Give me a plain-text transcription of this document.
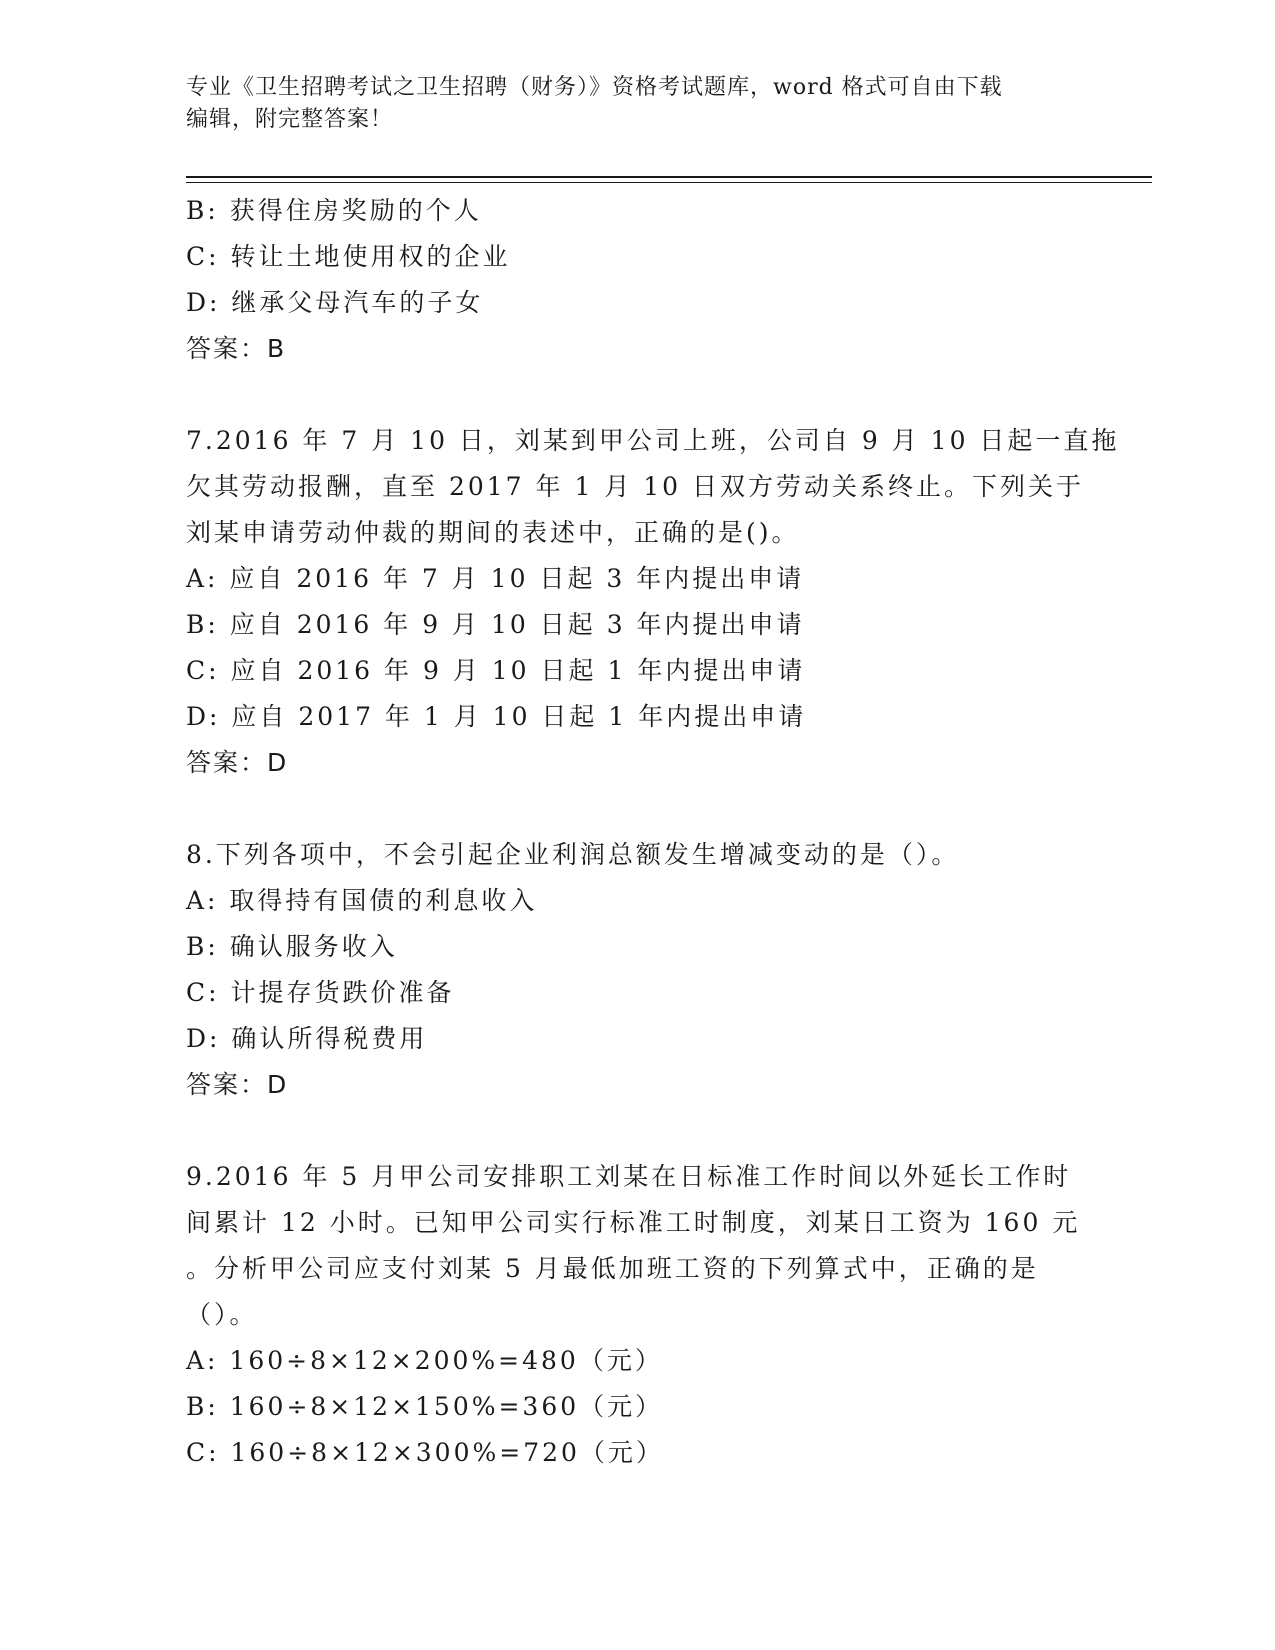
专业《卫生招聘考试之卫生招聘（财务）》资格考试题库，word 格式可自由下载
编辑，附完整答案！
B: 获得住房奖励的个人
C: 转让土地使用权的企业
D: 继承父母汽车的子女
答案：B
7.2016 年 7 月 10 日，刘某到甲公司上班，公司自 9 月 10 日起一直拖
欠其劳动报酬，直至 2017 年 1 月 10 日双方劳动关系终止。下列关于
刘某申请劳动仲裁的期间的表述中，正确的是()。
A: 应自 2016 年 7 月 10 日起 3 年内提出申请
B: 应自 2016 年 9 月 10 日起 3 年内提出申请
C: 应自 2016 年 9 月 10 日起 1 年内提出申请
D: 应自 2017 年 1 月 10 日起 1 年内提出申请
答案：D
8.下列各项中，不会引起企业利润总额发生增减变动的是（）。
A: 取得持有国债的利息收入
B: 确认服务收入
C: 计提存货跌价准备
D: 确认所得税费用
答案：D
9.2016 年 5 月甲公司安排职工刘某在日标准工作时间以外延长工作时
间累计 12 小时。已知甲公司实行标准工时制度，刘某日工资为 160 元
。分析甲公司应支付刘某 5 月最低加班工资的下列算式中，正确的是
（）。
A: 160÷8×12×200%=480（元）
B: 160÷8×12×150%=360（元）
C: 160÷8×12×300%=720（元）
